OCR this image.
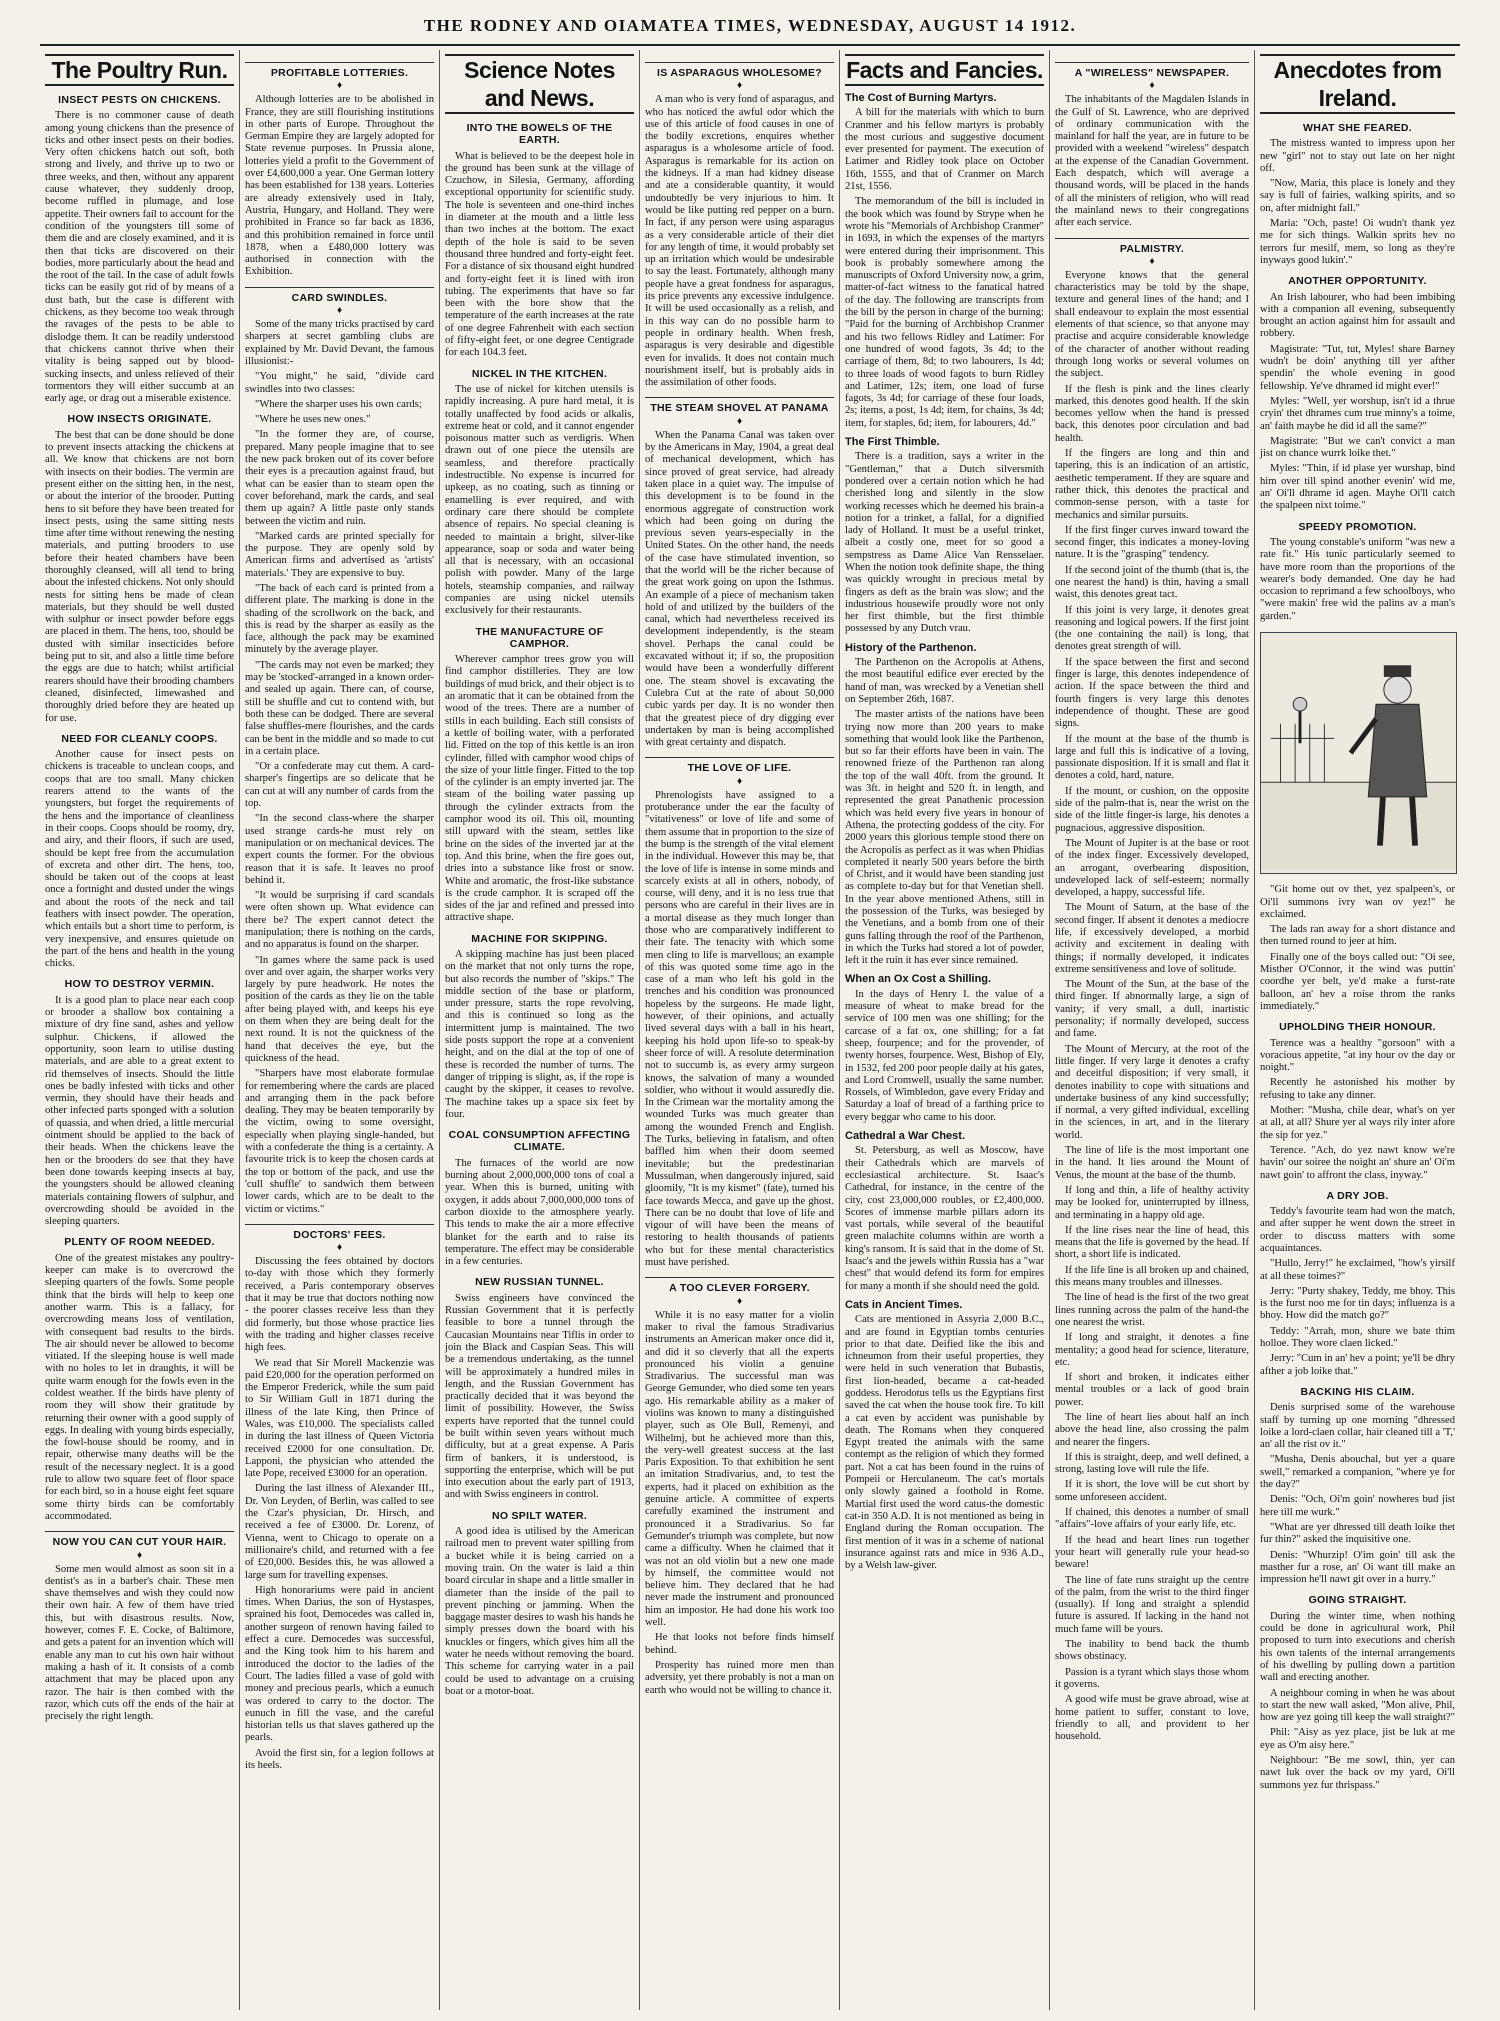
THE RODNEY AND OIAMATEA TIMES, WEDNESDAY, AUGUST 14 1912.
The Poultry Run.
INSECT PESTS ON CHICKENS.

There is no commoner cause of death among young chickens than the presence of ticks and other insect pests on their bodies. Very often chickens hatch out soft, both strong and lively, and thrive up to two or three weeks, and then, without any apparent cause whatever, they suddenly droop, become ruffled in plumage, and lose appetite. Their owners fail to account for the condition of the youngsters till some of them die and are closely examined, and it is then that ticks are discovered on their bodies, more particularly about the head and the root of the tail. In the case of adult fowls ticks can be easily got rid of by means of a dust bath, but the case is different with chickens, as they become too weak through the ravages of the pests to be able to dislodge them. It can be readily understood that chickens cannot thrive when their vitality is being sapped out by blood-sucking insects, and unless relieved of their tormentors they will either succumb at an early age, or drag out a miserable existence.

HOW INSECTS ORIGINATE.

The best that can be done should be done to prevent insects attacking the chickens at all. We know that chickens are not born with insects on their bodies. The vermin are present either on the sitting hen, in the nest, or about the interior of the brooder. Putting hens to sit before they have been treated for insect pests, using the same sitting nests time after time without renewing the nesting materials, and putting brooders to use before their heated chambers have been thoroughly cleansed, will all tend to bring about the infested chickens. Not only should nests for sitting hens be made of clean materials, but they should be well dusted with sulphur or insect powder before eggs are placed in them. The hens, too, should be dusted with similar insecticides before being put to sit, and also a little time before the eggs are due to hatch; whilst artificial rearers should have their brooding chambers cleaned, disinfected, limewashed and thoroughly dried before they are heated up for use.

NEED FOR CLEANLY COOPS.

Another cause for insect pests on chickens is traceable to unclean coops, and coops that are too small. Many chicken rearers attend to the wants of the youngsters, but forget the requirements of the hens and the importance of cleanliness in their coops. Coops should be roomy, dry, and airy, and their floors, if such are used, should be kept free from the accumulation of excreta and other dirt. The hens, too, should be taken out of the coops at least once a fortnight and dusted under the wings and about the roots of the neck and tail feathers with insect powder. The operation, which entails but a short time to perform, is very inexpensive, and ensures quietude on the part of the hens and health in the young chicks.

HOW TO DESTROY VERMIN.

It is a good plan to place near each coop or brooder a shallow box containing a mixture of dry fine sand, ashes and yellow sulphur. Chickens, if allowed the opportunity, soon learn to utilise dusting materials, and are able to a great extent to rid themselves of insects. Should the little ones be badly infested with ticks and other vermin, they should have their heads and other infected parts sponged with a solution of quassia, and when dried, a little mercurial ointment should be applied to the back of their heads. When the chickens leave the hen or the brooders do see that they have been done towards keeping insects at bay, the youngsters should be allowed cleaning materials containing flowers of sulphur, and overcrowding should be avoided in the sleeping quarters.

PLENTY OF ROOM NEEDED.

One of the greatest mistakes any poultry-keeper can make is to overcrowd the sleeping quarters of the fowls. Some people think that the birds will help to keep one another warm. This is a fallacy, for overcrowding means loss of ventilation, with consequent bad results to the birds. The air should never be allowed to become vitiated. If the sleeping house is well made with no holes to let in draughts, it will be quite warm enough for the fowls even in the coldest weather. If the birds have plenty of room they will show their gratitude by returning their owner with a good supply of eggs. In dealing with young birds especially, the fowl-house should be roomy, and in repair, otherwise many deaths will be the result of the necessary neglect. It is a good rule to allow two square feet of floor space for each bird, so in a house eight feet square some thirty birds can be comfortably accommodated.

NOW YOU CAN CUT YOUR HAIR.
♦

Some men would almost as soon sit in a dentist's as in a barber's chair. These men shave themselves and wish they could now their own hair. A few of them have tried this, but with disastrous results. Now, however, comes F. E. Cocke, of Baltimore, and gets a patent for an invention which will enable any man to cut his own hair without making a hash of it. It consists of a comb attachment that may be placed upon any razor. The hair is then combed with the razor, which cuts off the ends of the hair at precisely the right length.

PROFITABLE LOTTERIES.
♦

Although lotteries are to be abolished in France, they are still flourishing institutions in other parts of Europe. Throughout the German Empire they are largely adopted for State revenue purposes. In Prussia alone, lotteries yield a profit to the Government of over £4,600,000 a year. One German lottery has been established for 138 years. Lotteries are already extensively used in Italy, Austria, Hungary, and Holland. They were prohibited in France so far back as 1836, and this prohibition remained in force until 1878, when a £480,000 lottery was authorised in connection with the Exhibition.

CARD SWINDLES.
♦

Some of the many tricks practised by card sharpers at secret gambling clubs are explained by Mr. David Devant, the famous illusionist:-

"You might," he said, "divide card swindles into two classes:

"Where the sharper uses his own cards;

"Where he uses new ones."

"In the former they are, of course, prepared. Many people imagine that to see the new pack broken out of its cover before their eyes is a precaution against fraud, but what can be easier than to steam open the cover beforehand, mark the cards, and seal them up again? A little paste only stands between the victim and ruin.

"Marked cards are printed specially for the purpose. They are openly sold by American firms and advertised as 'artists' materials.' They are expensive to buy.

"The back of each card is printed from a different plate. The marking is done in the shading of the scrollwork on the back, and this is read by the sharper as easily as the face, although the pack may be examined minutely by the average player.

"The cards may not even be marked; they may be 'stocked'-arranged in a known order-and sealed up again. There can, of course, still be shuffle and cut to contend with, but both these can be dodged. There are several false shuffles-mere flourishes, and the cards can be bent in the middle and so made to cut in a certain place.

"Or a confederate may cut them. A card-sharper's fingertips are so delicate that he can cut at will any number of cards from the top.

"In the second class-where the sharper used strange cards-he must rely on manipulation or on mechanical devices. The expert counts the former. For the obvious reason that it is safe. It leaves no proof behind it.

"It would be surprising if card scandals were often shown up. What evidence can there be? The expert cannot detect the manipulation; there is nothing on the cards, and no apparatus is found on the sharper.

"In games where the same pack is used over and over again, the sharper works very largely by pure headwork. He notes the position of the cards as they lie on the table after being played with, and keeps his eye on them when they are being dealt for the next round. It is not the quickness of the hand that deceives the eye, but the quickness of the head.

"Sharpers have most elaborate formulae for remembering where the cards are placed and arranging them in the pack before dealing. They may be beaten temporarily by the victim, owing to some oversight, especially when playing single-handed, but with a confederate the thing is a certainty. A favourite trick is to keep the chosen cards at the top or bottom of the pack, and use the 'cull shuffle' to sandwich them between lower cards, which are to be dealt to the victim or victims."

DOCTORS' FEES.
♦

Discussing the fees obtained by doctors to-day with those which they formerly received, a Paris contemporary observes that it may be true that doctors nothing now - the poorer classes receive less than they did formerly, but those whose practice lies with the trading and higher classes receive high fees.

We read that Sir Morell Mackenzie was paid £20,000 for the operation performed on the Emperor Frederick, while the sum paid to Sir William Gull in 1871 during the illness of the late King, then Prince of Wales, was £10,000. The specialists called in during the last illness of Queen Victoria received £2000 for one consultation. Dr. Lapponi, the physician who attended the late Pope, received £3000 for an operation.

During the last illness of Alexander III., Dr. Von Leyden, of Berlin, was called to see the Czar's physician, Dr. Hirsch, and received a fee of £3000. Dr. Lorenz, of Vienna, went to Chicago to operate on a millionaire's child, and returned with a fee of £20,000. Besides this, he was allowed a large sum for travelling expenses.

High honorariums were paid in ancient times. When Darius, the son of Hystaspes, sprained his foot, Democedes was called in, another surgeon of renown having failed to effect a cure. Democedes was successful, and the King took him to his harem and introduced the doctor to the ladies of the Court. The ladies filled a vase of gold with money and precious pearls, which a eunuch was ordered to carry to the doctor. The eunuch in fill the vase, and the careful historian tells us that slaves gathered up the pearls.

Avoid the first sin, for a legion follows at its heels.

Science Notes and News.
INTO THE BOWELS OF THE EARTH.

What is believed to be the deepest hole in the ground has been sunk at the village of Czuchow, in Silesia, Germany, affording exceptional opportunity for scientific study. The hole is seventeen and one-third inches in diameter at the mouth and a little less than two inches at the bottom. The exact depth of the hole is said to be seven thousand three hundred and forty-eight feet. For a distance of six thousand eight hundred and forty-eight feet it is lined with iron tubing. The experiments that have so far been with the bore show that the temperature of the earth increases at the rate of one degree Fahrenheit with each section of fifty-eight feet, or one degree Centigrade for each 104.3 feet.

NICKEL IN THE KITCHEN.

The use of nickel for kitchen utensils is rapidly increasing. A pure hard metal, it is totally unaffected by food acids or alkalis, extreme heat or cold, and it cannot engender poisonous matter such as verdigris. When drawn out of one piece the utensils are seamless, and therefore practically indestructible. No expense is incurred for upkeep, as no coating, such as tinning or enamelling is ever required, and with ordinary care there should be complete absence of repairs. No special cleaning is needed to maintain a bright, silver-like appearance, soap or soda and water being all that is necessary, with an occasional polish with powder. Many of the large hotels, steamship companies, and railway companies are using nickel utensils exclusively for their restaurants.

THE MANUFACTURE OF CAMPHOR.

Wherever camphor trees grow you will find camphor distilleries. They are low buildings of mud brick, and their object is to an aromatic that it can be obtained from the wood of the trees. There are a number of stills in each building. Each still consists of a kettle of boiling water, with a perforated lid. Fitted on the top of this kettle is an iron cylinder, filled with camphor wood chips of the size of your little finger. Fitted to the top of the cylinder is an empty inverted jar. The steam of the boiling water passing up through the cylinder extracts from the camphor wood its oil. This oil, mounting still upward with the steam, settles like brine on the sides of the inverted jar at the top. And this brine, when the fire goes out, dries into a substance like frost or snow. White and aromatic, the frost-like substance is the crude camphor. It is scraped off the sides of the jar and refined and pressed into attractive shape.

MACHINE FOR SKIPPING.

A skipping machine has just been placed on the market that not only turns the rope, but also records the number of "skips." The middle section of the base or platform, under pressure, starts the rope revolving, and this is continued so long as the intermittent jump is maintained. The two side posts support the rope at a convenient height, and on the dial at the top of one of these is recorded the number of turns. The danger of tripping is slight, as, if the rope is caught by the skipper, it ceases to revolve. The machine takes up a space six feet by four.

COAL CONSUMPTION AFFECTING CLIMATE.

The furnaces of the world are now burning about 2,000,000,000 tons of coal a year. When this is burned, uniting with oxygen, it adds about 7,000,000,000 tons of carbon dioxide to the atmosphere yearly. This tends to make the air a more effective blanket for the earth and to raise its temperature. The effect may be considerable in a few centuries.

NEW RUSSIAN TUNNEL.

Swiss engineers have convinced the Russian Government that it is perfectly feasible to bore a tunnel through the Caucasian Mountains near Tiflis in order to join the Black and Caspian Seas. This will be a tremendous undertaking, as the tunnel will be approximately a hundred miles in length, and the Russian Government has practically decided that it was beyond the limit of possibility. However, the Swiss experts have reported that the tunnel could be built within seven years without much difficulty, but at a great expense. A Paris firm of bankers, it is understood, is supporting the enterprise, which will be put into execution about the early part of 1913, and with Swiss engineers in control.

NO SPILT WATER.

A good idea is utilised by the American railroad men to prevent water spilling from a bucket while it is being carried on a moving train. On the water is laid a thin board circular in shape and a little smaller in diameter than the inside of the pail to prevent pinching or jamming. When the baggage master desires to wash his hands he simply presses down the board with his knuckles or fingers, which gives him all the water he needs without removing the board. This scheme for carrying water in a pail could be used to advantage on a cruising boat or a motor-boat.

IS ASPARAGUS WHOLESOME?
♦

A man who is very fond of asparagus, and who has noticed the awful odor which the use of this article of food causes in one of the bodily excretions, enquires whether asparagus is a wholesome article of food. Asparagus is remarkable for its action on the kidneys. If a man had kidney disease and ate a considerable quantity, it would undoubtedly be very injurious to him. It would be like putting red pepper on a burn. In fact, if any person were using asparagus as a very considerable article of their diet for any length of time, it would probably set up an irritation which would be undesirable to say the least. Fortunately, although many people have a great fondness for asparagus, its price prevents any excessive indulgence. It will be used occasionally as a relish, and in this way can do no possible harm to people in ordinary health. When fresh, asparagus is very desirable and digestible even for invalids. It does not contain much nourishment itself, but is probably aids in the assimilation of other foods.

THE STEAM SHOVEL AT PANAMA
♦

When the Panama Canal was taken over by the Americans in May, 1904, a great deal of mechanical development, which has since proved of great service, had already taken place in a quiet way. The impulse of this development is to be found in the enormous aggregate of construction work which had been going on during the previous seven years-especially in the United States. On the other hand, the needs of the case have stimulated invention, so that the world will be the richer because of the great work going on upon the Isthmus. An example of a piece of mechanism taken hold of and utilized by the builders of the canal, which had nevertheless received its development independently, is the steam shovel. Perhaps the canal could be excavated without it; if so, the proposition would have been a wonderfully different one. The steam shovel is excavating the Culebra Cut at the rate of about 50,000 cubic yards per day. It is no wonder then that the greatest piece of dry digging ever undertaken by man is being accomplished with great certainty and dispatch.

THE LOVE OF LIFE.
♦

Phrenologists have assigned to a protuberance under the ear the faculty of "vitativeness" or love of life and some of them assume that in proportion to the size of the bump is the strength of the vital element in the individual. However this may be, that the love of life is intense in some minds and scarcely exists at all in others, nobody, of course, will deny, and it is no less true that persons who are careful in their lives are in a mortal disease as they much longer than those who are comparatively indifferent to their fate. The tenacity with which some men cling to life is marvellous; an example of this was quoted some time ago in the case of a man who left his gold in the trenches and his condition was pronounced hopeless by the surgeons. He made light, however, of their opinions, and actually lived several days with a ball in his heart, keeping his hold upon life-so to speak-by sheer force of will. A resolute determination not to succumb is, as every army surgeon knows, the salvation of many a wounded soldier, who without it would assuredly die. In the Crimean war the mortality among the wounded Turks was much greater than among the wounded French and English. The Turks, believing in fatalism, and often baffled him when their doom seemed inevitable; but the predestinarian Mussulman, when dangerously injured, said gloomily, "It is my kismet" (fate), turned his face towards Mecca, and gave up the ghost. There can be no doubt that love of life and vigour of will have been the means of restoring to health thousands of patients who but for these mental characteristics must have perished.

A TOO CLEVER FORGERY.
♦

While it is no easy matter for a violin maker to rival the famous Stradivarius instruments an American maker once did it, and did it so cleverly that all the experts pronounced his violin a genuine Stradivarius. The successful man was George Gemunder, who died some ten years ago. His remarkable ability as a maker of violins was known to many a distinguished player, such as Ole Bull, Remenyi, and Wilhelmj, but he achieved more than this, the very-well greatest success at the last Paris Exposition. To that exhibition he sent an imitation Stradivarius, and, to test the experts, had it placed on exhibition as the genuine article. A committee of experts carefully examined the instrument and pronounced it a Stradivarius. So far Gemunder's triumph was complete, but now came a difficulty. When he claimed that it was not an old violin but a new one made by himself, the committee would not believe him. They declared that he had never made the instrument and pronounced him an impostor. He had done his work too well.

He that looks not before finds himself behind.

Prosperity has ruined more men than adversity, yet there probably is not a man on earth who would not be willing to chance it.

Facts and Fancies.
The Cost of Burning Martyrs.

A bill for the materials with which to burn Cranmer and his fellow martyrs is probably the most curious and suggestive document ever presented for payment. The execution of Latimer and Ridley took place on October 16th, 1555, and that of Cranmer on March 21st, 1556.

The memorandum of the bill is included in the book which was found by Strype when he wrote his "Memorials of Archbishop Cranmer" in 1693, in which the expenses of the martyrs were entered during their imprisonment. This book is probably somewhere among the manuscripts of Oxford University now, a grim, matter-of-fact witness to the fanatical hatred of the day. The following are transcripts from the bill by the person in charge of the burning: "Paid for the burning of Archbishop Cranmer and his two fellows Ridley and Latimer: For one hundred of wood fagots, 3s 4d; to the carriage of them, 8d; to two labourers, 1s 4d; to three loads of wood fagots to burn Ridley and Latimer, 12s; item, one load of furse fagots, 3s 4d; for carriage of these four loads, 2s; items, a post, 1s 4d; item, for chains, 3s 4d; item, for staples, 6d; item, for labourers, 4d."

The First Thimble.

There is a tradition, says a writer in the "Gentleman," that a Dutch silversmith pondered over a certain notion which he had cherished long and silently in the slow working recesses which he deemed his brain-a notion for a trinket, a fallal, for a dignified lady of Holland. It must be a useful trinket, albeit a costly one, meet for so good a sempstress as Dame Alice Van Rensselaer. When the notion took definite shape, the thing was quickly wrought in precious metal by fingers as deft as the brain was slow; and the industrious housewife proudly wore not only her first thimble, but the first thimble possessed by any Dutch vrau.

History of the Parthenon.

The Parthenon on the Acropolis at Athens, the most beautiful edifice ever erected by the hand of man, was wrecked by a Venetian shell on September 26th, 1687.

The master artists of the nations have been trying now more than 200 years to make something that would look like the Parthenon, but so far their efforts have been in vain. The renowned frieze of the Parthenon ran along the top of the wall 40ft. from the ground. It was 3ft. in height and 520 ft. in length, and represented the great Panathenic procession which was held every five years in honour of Athena, the protecting goddess of the city. For 2000 years this glorious temple stood there on the Acropolis as perfect as it was when Phidias completed it nearly 500 years before the birth of Christ, and it would have been standing just as complete to-day but for that Venetian shell. In the year above mentioned Athens, still in the possession of the Turks, was besieged by the Venetians, and a bomb from one of their guns falling through the roof of the Parthenon, in which the Turks had stored a lot of powder, left it the ruin it has ever since remained.

When an Ox Cost a Shilling.

In the days of Henry I. the value of a measure of wheat to make bread for the service of 100 men was one shilling; for the carcase of a fat ox, one shilling; for a fat sheep, fourpence; and for the provender, of twenty horses, fourpence. West, Bishop of Ely, in 1532, fed 200 poor people daily at his gates, and Lord Cromwell, usually the same number. Rossels, of Wimbledon, gave every Friday and Saturday a loaf of bread of a farthing price to every beggar who came to his door.

Cathedral a War Chest.

St. Petersburg, as well as Moscow, have their Cathedrals which are marvels of ecclesiastical architecture. St. Isaac's Cathedral, for instance, in the centre of the city, cost 23,000,000 roubles, or £2,400,000. Scores of immense marble pillars adorn its vast portals, while several of the beautiful green malachite columns within are worth a king's ransom. It is said that in the dome of St. Isaac's and the jewels within Russia has a "war chest" that would defend its form for empires for many a month if she should need the gold.

Cats in Ancient Times.

Cats are mentioned in Assyria 2,000 B.C., and are found in Egyptian tombs centuries prior to that date. Deified like the ibis and ichneumon from their useful properties, they were held in such veneration that Bubastis, first lion-headed, became a cat-headed goddess. Herodotus tells us the Egyptians first saved the cat when the house took fire. To kill a cat even by accident was punishable by death. The Romans when they conquered Egypt treated the animals with the same contempt as the religion of which they formed part. Not a cat has been found in the ruins of Pompeii or Herculaneum. The cat's mortals only slowly gained a foothold in Rome. Martial first used the word catus-the domestic cat-in 350 A.D. It is not mentioned as being in England during the Roman occupation. The first mention of it was in a scheme of national insurance against rats and mice in 936 A.D., by a Welsh law-giver.

A "WIRELESS" NEWSPAPER.
♦

The inhabitants of the Magdalen Islands in the Gulf of St. Lawrence, who are deprived of ordinary communication with the mainland for half the year, are in future to be provided with a weekend "wireless" despatch at the expense of the Canadian Government. Each despatch, which will average a thousand words, will be placed in the hands of all the ministers of religion, who will read the mainland news to their congregations after each service.

PALMISTRY.
♦

Everyone knows that the general characteristics may be told by the shape, texture and general lines of the hand; and I shall endeavour to explain the most essential elements of that science, so that anyone may practise and acquire considerable knowledge of the character of another without reading through long works or several volumes on the subject.

If the flesh is pink and the lines clearly marked, this denotes good health. If the skin becomes yellow when the hand is pressed back, this denotes poor circulation and bad health.

If the fingers are long and thin and tapering, this is an indication of an artistic, aesthetic temperament. If they are square and rather thick, this denotes the practical and common-sense person, with a taste for mechanics and similar pursuits.

If the first finger curves inward toward the second finger, this indicates a money-loving nature. It is the "grasping" tendency.

If the second joint of the thumb (that is, the one nearest the hand) is thin, having a small waist, this denotes great tact.

If this joint is very large, it denotes great reasoning and logical powers. If the first joint (the one containing the nail) is long, that denotes great strength of will.

If the space between the first and second finger is large, this denotes independence of action. If the space between the third and fourth fingers is very large this denotes independence of thought. These are good signs.

If the mount at the base of the thumb is large and full this is indicative of a loving, passionate disposition. If it is small and flat it denotes a cold, hard, nature.

If the mount, or cushion, on the opposite side of the palm-that is, near the wrist on the side of the little finger-is large, his denotes a pugnacious, aggressive disposition.

The Mount of Jupiter is at the base or root of the index finger. Excessively developed, an arrogant, overbearing disposition, undeveloped lack of self-esteem; normally developed, a happy, successful life.

The Mount of Saturn, at the base of the second finger. If absent it denotes a mediocre life, if excessively developed, a morbid activity and excitement in dealing with things; if normally developed, it indicates extreme sensitiveness and love of solitude.

The Mount of the Sun, at the base of the third finger. If abnormally large, a sign of vanity; if very small, a dull, inartistic personality; if normally developed, success and fame.

The Mount of Mercury, at the root of the little finger. If very large it denotes a crafty and deceitful disposition; if very small, it denotes inability to cope with situations and undertake business of any kind successfully; if normal, a very gifted individual, excelling in the sciences, in art, and in the literary world.

The line of life is the most important one in the hand. It lies around the Mount of Venus, the mount at the base of the thumb.

If long and thin, a life of healthy activity may be looked for, uninterrupted by illness, and terminating in a happy old age.

If the line rises near the line of head, this means that the life is governed by the head. If short, a short life is indicated.

If the life line is all broken up and chained, this means many troubles and illnesses.

The line of head is the first of the two great lines running across the palm of the hand-the one nearest the wrist.

If long and straight, it denotes a fine mentality; a good head for science, literature, etc.

If short and broken, it indicates either mental troubles or a lack of good brain power.

The line of heart lies about half an inch above the head line, also crossing the palm and nearer the fingers.

If this is straight, deep, and well defined, a strong, lasting love will rule the life.

If it is short, the love will be cut short by some unforeseen accident.

If chained, this denotes a number of small "affairs"-love affairs of your early life, etc.

If the head and heart lines run together your heart will generally rule your head-so beware!

The line of fate runs straight up the centre of the palm, from the wrist to the third finger (usually). If long and straight a splendid future is assured. If lacking in the hand not much fame will be yours.

The inability to bend back the thumb shows obstinacy.

Passion is a tyrant which slays those whom it governs.

A good wife must be grave abroad, wise at home patient to suffer, constant to love, friendly to all, and provident to her household.

Anecdotes from Ireland.
WHAT SHE FEARED.

The mistress wanted to impress upon her new "girl" not to stay out late on her night off.

"Now, Maria, this place is lonely and they say is full of fairies, walking spirits, and so on, after midnight fall."

Maria: "Och, paste! Oi wudn't thank yez me for sich things. Walkin sprits hev no terrors fur mesilf, mem, so long as they're inyways good lukin'."

ANOTHER OPPORTUNITY.

An Irish labourer, who had been imbibing with a companion all evening, subsequently brought an action against him for assault and robbery.

Magistrate: "Tut, tut, Myles! share Barney wudn't be doin' anything till yer afther spendin' the whole evening in good fellowship. Ye've dhramed id might ever!"

Myles: "Well, yer worshup, isn't id a thrue cryin' thet dhrames cum true minny's a toime, an' faith maybe he did id all the same?"

Magistrate: "But we can't convict a man jist on chance wurrk loike thet."

Myles: "Thin, if id plase yer wurshap, bind him over till spind another evenin' wid me, an' Oi'll dhrame id agen. Mayhe Oi'll catch the spalpeen nixt toime."

SPEEDY PROMOTION.

The young constable's uniform "was new a rate fit." His tunic particularly seemed to have more room than the proportions of the wearer's body demanded. One day he had occasion to reprimand a few schoolboys, who "were makin' free wid the palins av a man's garden."

"Git home out ov thet, yez spalpeen's, or Oi'll summons ivry wan ov yez!" he exclaimed.

The lads ran away for a short distance and then turned round to jeer at him.

Finally one of the boys called out: "Oi see, Misther O'Connor, it the wind was puttin' coordhe yer belt, ye'd make a furst-rate balloon, an' hev a roise throm the ranks immediately."

UPHOLDING THEIR HONOUR.

Terence was a healthy "gorsoon" with a voracious appetite, "at iny hour ov the day or noight."

Recently he astonished his mother by refusing to take any dinner.

Mother: "Musha, chile dear, what's on yer at all, at all? Shure yer al ways rily inter afore the sip for yez."

Terence. "Ach, do yez nawt know we're havin' our soiree the noight an' shure an' Oi'm nawt goin' to affront the class, inyway."

A DRY JOB.

Teddy's favourite team had won the match, and after supper he went down the street in order to discuss matters with some acquaintances.

"Hullo, Jerry!" he exclaimed, "how's yirsilf at all these toimes?"

Jerry: "Purty shakey, Teddy, me bhoy. This is the furst noo me for tin days; influenza is a bhoy. How did the match go?"

Teddy: "Arrah, mon, shure we bate thim holloe. They wore claen licked."

Jerry: "Cum in an' hev a point; ye'll be dhry afther a job loike that."

BACKING HIS CLAIM.

Denis surprised some of the warehouse staff by turning up one morning "dhressed loike a lord-claen collar, hair cleaned till a 'T,' an' all the rist ov it."

"Musha, Denis abouchal, but yer a quare swell," remarked a companion, "where ye for the day?"

Denis: "Och, Oi'm goin' nowheres bud jist here till me wurk."

"What are yer dhressed till death loike thet fur thin?" asked the inquisitive one.

Denis: "Whurzip! O'im goin' till ask the masther fur a rose, an' Oi want till make an impression he'll nawt git over in a hurry."

GOING STRAIGHT.

During the winter time, when nothing could be done in agricultural work, Phil proposed to turn into executions and cherish his own talents of the internal arrangements of his dwelling by pulling down a partition wall and erecting another.

A neighbour coming in when he was about to start the new wall asked, "Mon alive, Phil, how are yez going till keep the wall straight?"

Phil: "Aisy as yez place, jist be luk at me eye as O'm aisy here."

Neighbour: "Be me sowl, thin, yer can nawt luk over the back ov my yard, Oi'll summons yez fur thrispass."
